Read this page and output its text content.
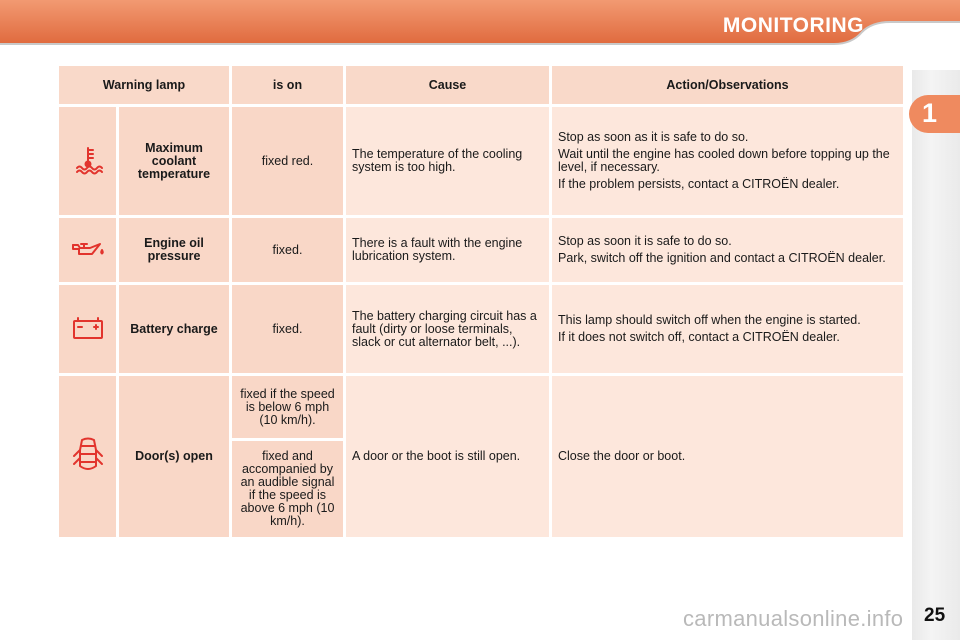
MONITORING
1
Warning lamp		is on	Cause	Action/Observations
	Maximum coolant temperature	fixed red.	The temperature of the cooling system is too high.	Stop as soon as it is safe to do so.
Wait until the engine has cooled down before topping up the level, if necessary.
If the problem persists, contact a CITROËN dealer.

	Engine oil pressure	fixed.	There is a fault with the engine lubrication system.	Stop as soon it is safe to do so.
Park, switch off the ignition and contact a CITROËN dealer.

	Battery charge	fixed.	The battery charging circuit has a fault (dirty or loose terminals, slack or cut alternator belt, ...).	This lamp should switch off when the engine is started.
If it does not switch off, contact a CITROËN dealer.

	Door(s) open	fixed if the speed is below 6 mph (10 km/h).	A door or the boot is still open.	Close the door or boot.

		fixed and accompanied by an audible signal if the speed is above 6 mph (10 km/h).		
carmanualsonline.info 25
